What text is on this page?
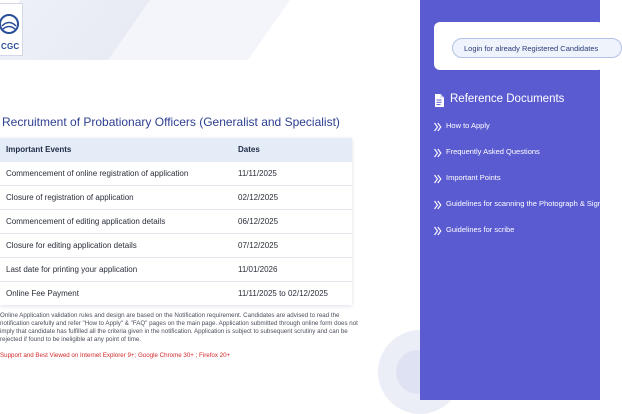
CGC
Recruitment of Probationary Officers (Generalist and Specialist)
Important Events	Dates
Commencement of online registration of application	11/11/2025
Closure of registration of application	02/12/2025
Commencement of editing application details	06/12/2025
Closure for editing application details	07/12/2025
Last date for printing your application	11/01/2026
Online Fee Payment	11/11/2025 to 02/12/2025

Online Application validation rules and design are based on the Notification requirement. Candidates are advised to read the notification carefully and refer "How to Apply" & "FAQ" pages on the main page. Application submitted through online form does not imply that candidate has fulfilled all the criteria given in the notification. Application is subject to subsequent scrutiny and can be rejected if found to be ineligible at any point of time.

Support and Best Viewed on Internet Explorer 9+; Google Chrome 30+ ; Firefox 20+

Login for already Registered Candidates
Reference Documents
How to Apply
Frequently Asked Questions
Important Points
Guidelines for scanning the Photograph & Signature
Guidelines for scribe
